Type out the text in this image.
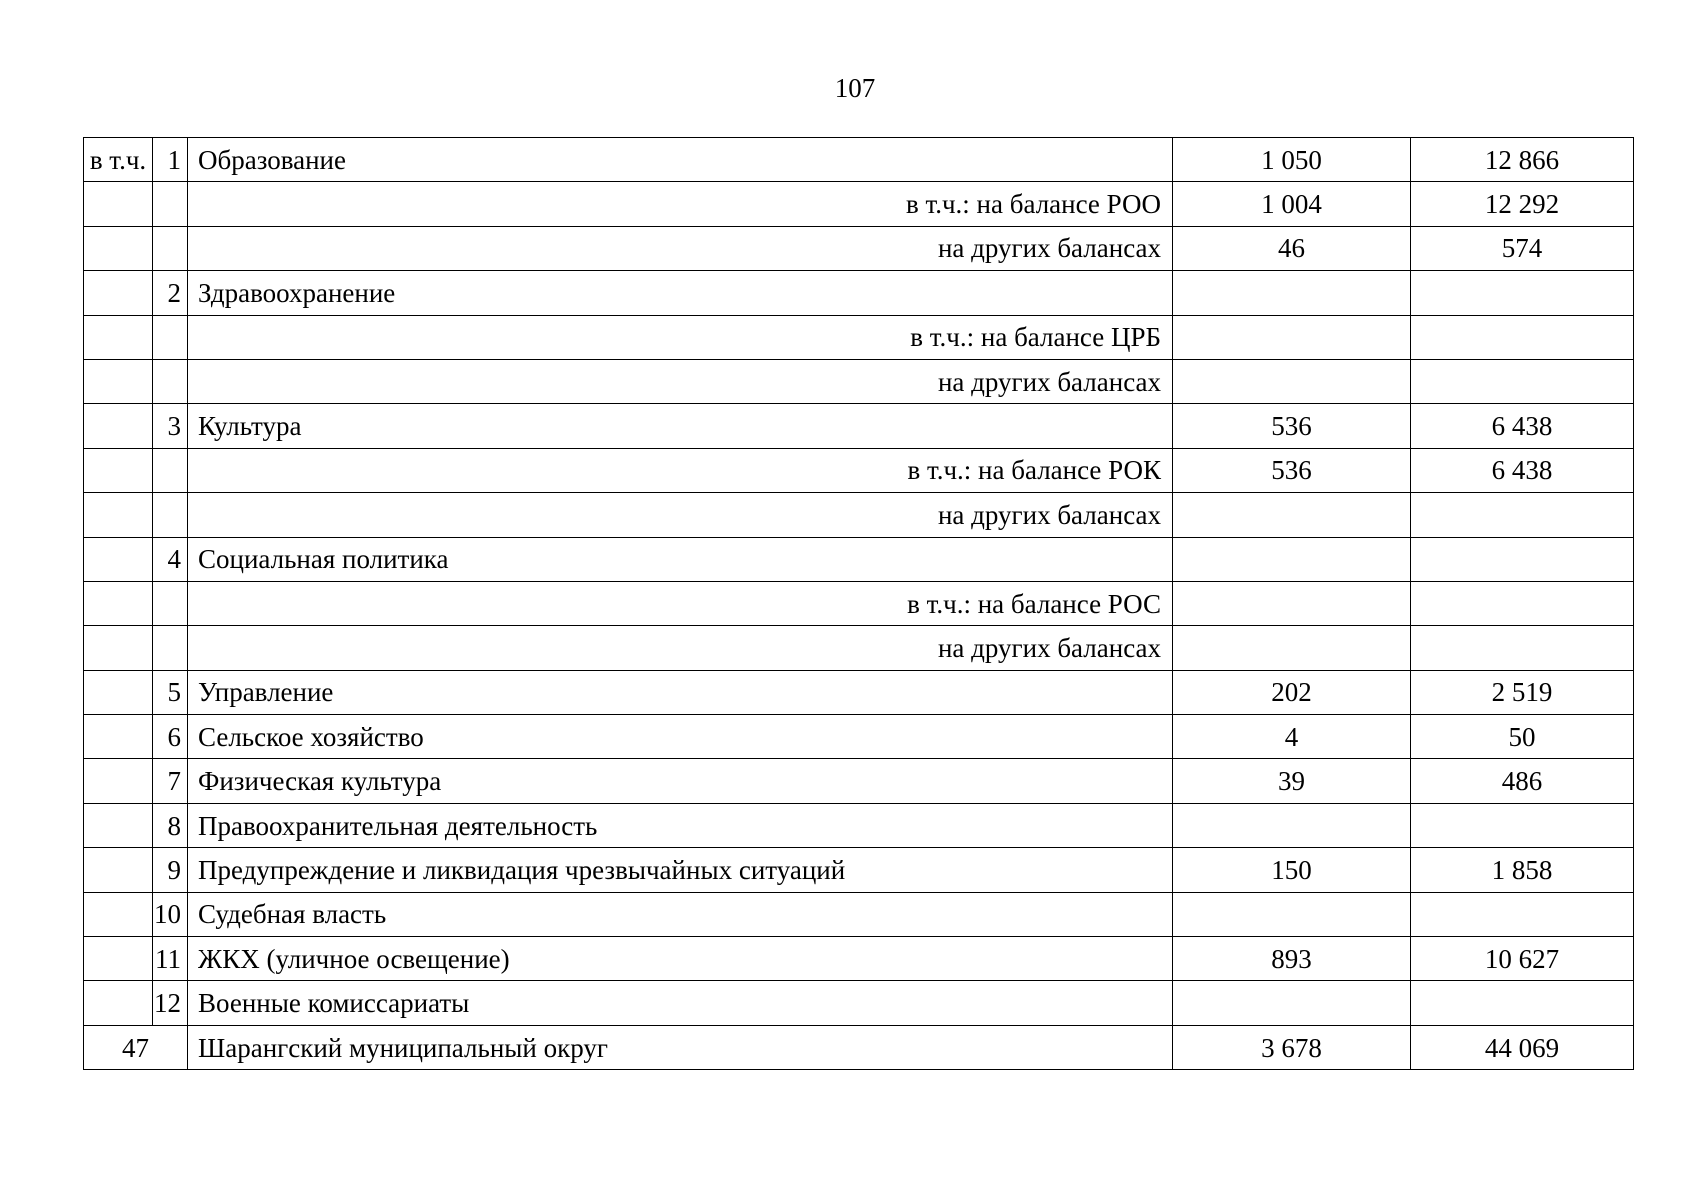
107
в т.ч.	1	Образование	1 050	12 866
		в т.ч.: на балансе РОО	1 004	12 292
		на других балансах	46	574
	2	Здравоохранение		
		в т.ч.: на балансе ЦРБ		
		на других балансах		
	3	Культура	536	6 438
		в т.ч.: на балансе РОК	536	6 438
		на других балансах		
	4	Социальная политика		
		в т.ч.: на балансе РОС		
		на других балансах		
	5	Управление	202	2 519
	6	Сельское хозяйство	4	50
	7	Физическая культура	39	486
	8	Правоохранительная деятельность		
	9	Предупреждение и ликвидация чрезвычайных ситуаций	150	1 858
	10	Судебная власть		
	11	ЖКХ (уличное освещение)	893	10 627
	12	Военные комиссариаты		
47		Шарангский муниципальный округ	3 678	44 069
